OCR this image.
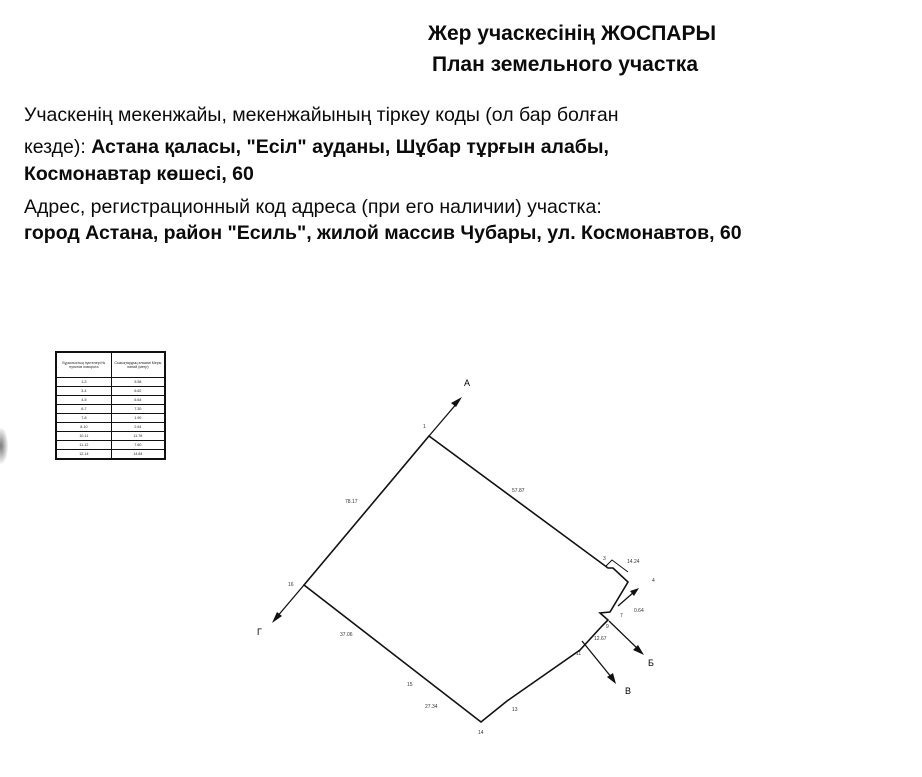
Жер учаскесінің ЖОСПАРЫ
План земельного участка
Учаскенің мекенжайы, мекенжайының тіркеу коды (ол бар болған
кезде): Астана қаласы, "Есіл" ауданы, Шұбар тұрғын алабы,
Космонавтар көшесі, 60
Адрес, регистрационный код адреса (при его наличии) участка:
город Астана, район "Есиль", жилой массив Чубары, ул. Космонавтов, 60
Бұрылыстың нүктелері № пунктов поворота	Сызықтардың өлшемі Меры линий (метр)
1-3	5.58
3-4	6.62
4-5	6.64
6-7	7.30
7-8	1.90
8-10	2.64
10-11	11.78
11-12	7.60
12-14	14.84
А
Г
Б
В
1
3
4
7
9
11
13
14
15
16
78.17
57.87
14.24
0.64
12.67
37.06
27.34
